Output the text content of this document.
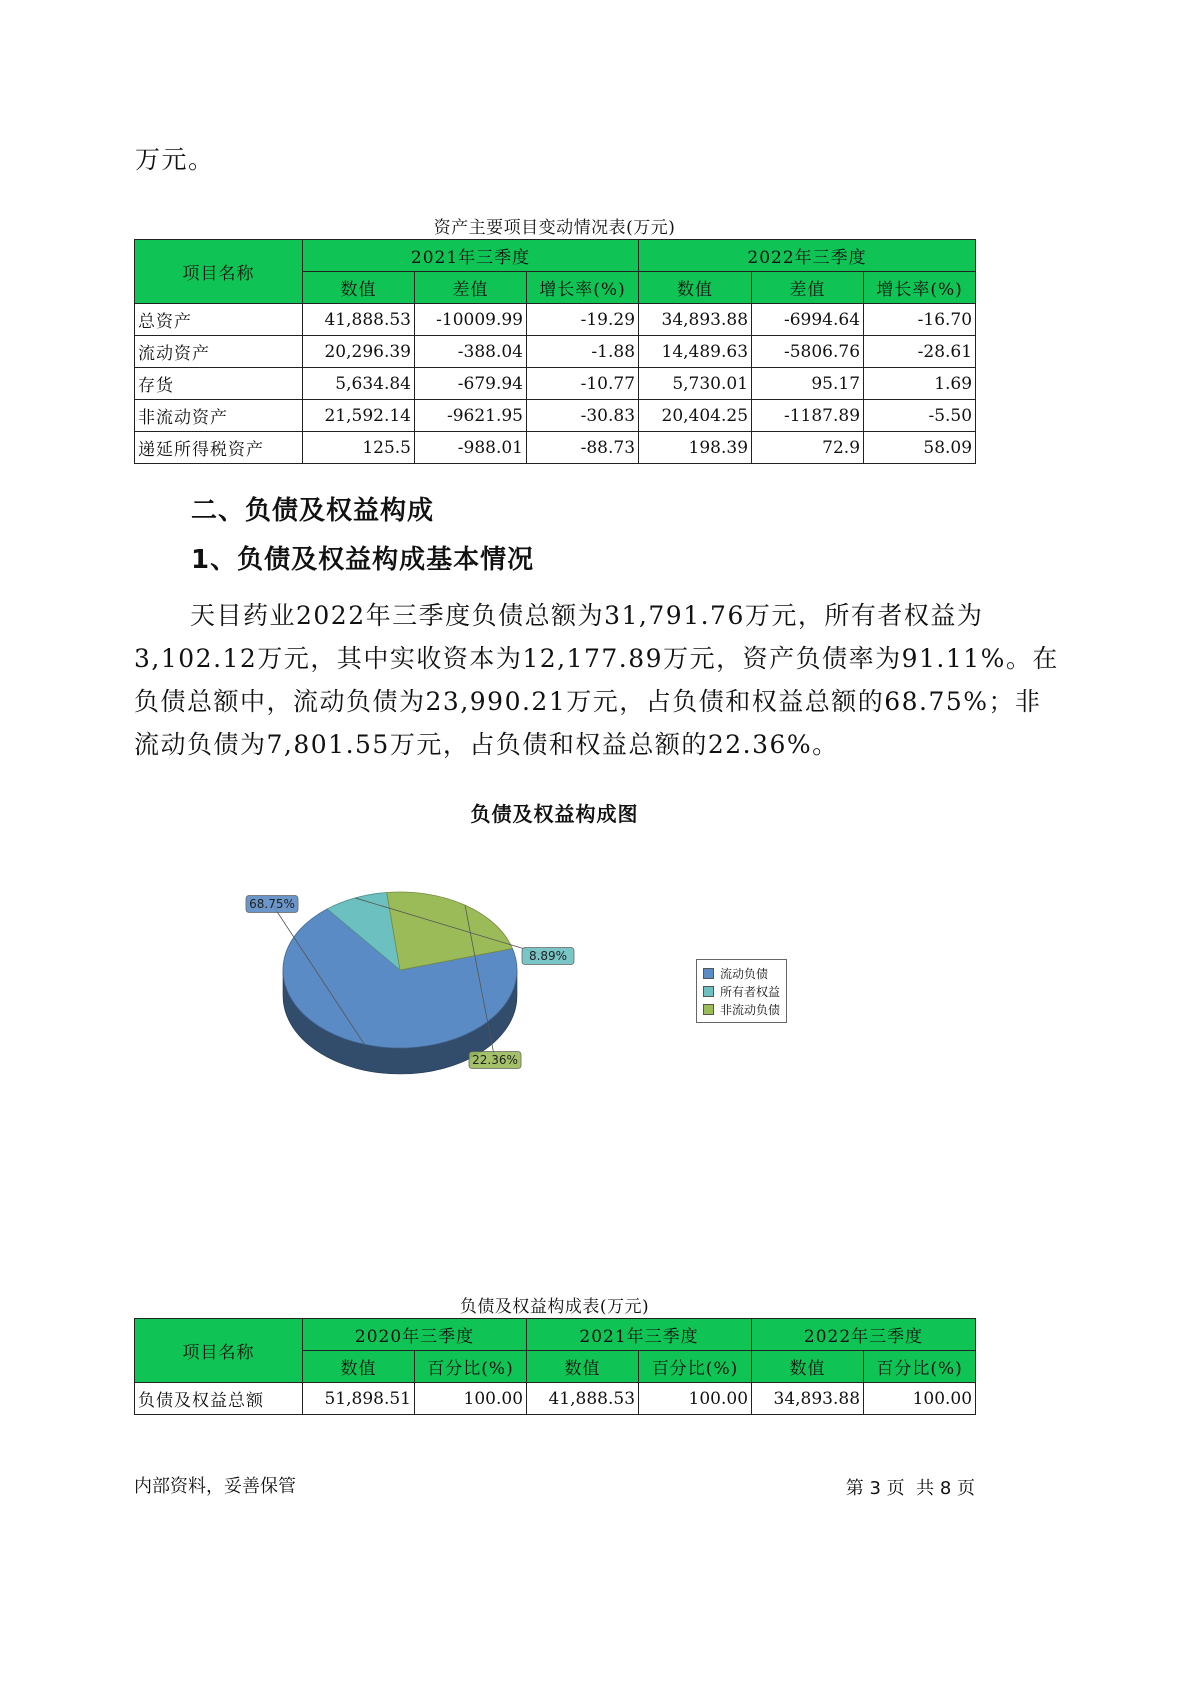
万元。
资产主要项目变动情况表(万元)
项目名称	2021年三季度			2022年三季度		
	数值	差值	增长率(%)	数值	差值	增长率(%)
总资产	41,888.53	-10009.99	-19.29	34,893.88	-6994.64	-16.70
流动资产	20,296.39	-388.04	-1.88	14,489.63	-5806.76	-28.61
存货	5,634.84	-679.94	-10.77	5,730.01	95.17	1.69
非流动资产	21,592.14	-9621.95	-30.83	20,404.25	-1187.89	-5.50
递延所得税资产	125.5	-988.01	-88.73	198.39	72.9	58.09
二、负债及权益构成
1、负债及权益构成基本情况
天目药业2022年三季度负债总额为31,791.76万元，所有者权益为
3,102.12万元，其中实收资本为12,177.89万元，资产负债率为91.11%。在
负债总额中，流动负债为23,990.21万元，占负债和权益总额的68.75%；非
流动负债为7,801.55万元，占负债和权益总额的22.36%。
负债及权益构成图
68.75%
8.89%
22.36%
流动负债
所有者权益
非流动负债
负债及权益构成表(万元)
项目名称	2020年三季度		2021年三季度		2022年三季度	
	数值	百分比(%)	数值	百分比(%)	数值	百分比(%)
负债及权益总额	51,898.51	100.00	41,888.53	100.00	34,893.88	100.00
内部资料，妥善保管	第 3 页  共 8 页
